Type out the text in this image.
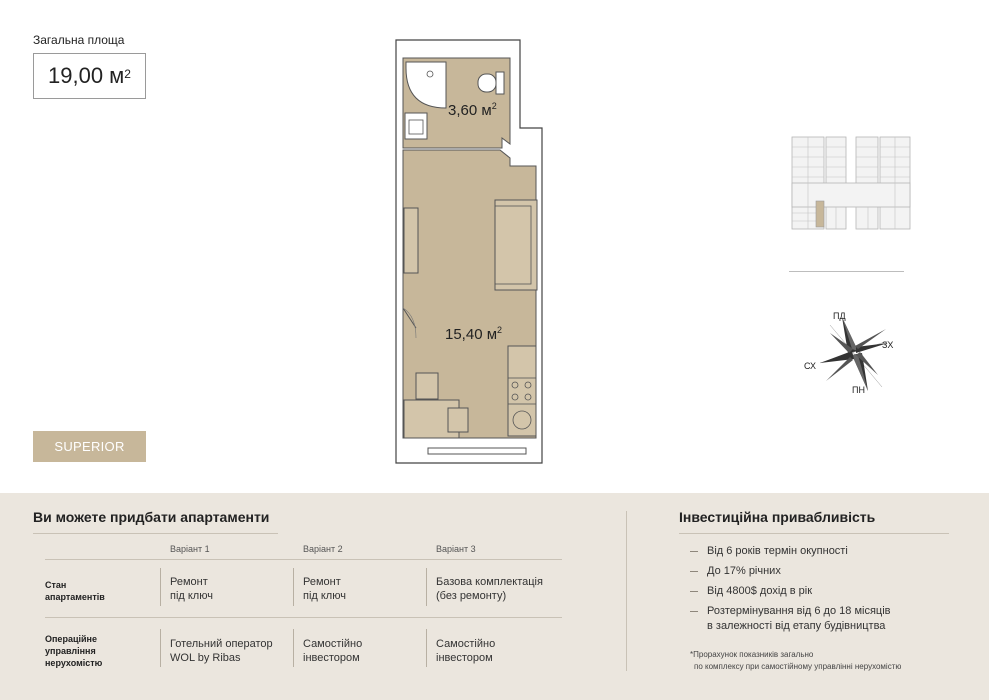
Загальна площа
19,00 $м^2$
SUPERIOR
3,60 $м^2$
15,40 $м^2$
ПД
ЗХ
СХ
ПН
Ви можете придбати апартаменти
Варіант 1	Варіант 2	Варіант 3
Стан
апартаментів
Ремонт
під ключ
Ремонт
під ключ
Базова комплектація
(без ремонту)
Операційне
управління
нерухомістю
Готельний оператор
WOL by Ribas
Самостійно
інвестором
Самостійно
інвестором
Інвестиційна привабливість
Від 6 років термін окупності
До 17% річних
Від 4800$ дохід в рік
Розтермінування від 6 до 18 місяців
в залежності від етапу будівництва
*Прорахунок показників загально
по комплексу при самостійному управлінні нерухомістю
